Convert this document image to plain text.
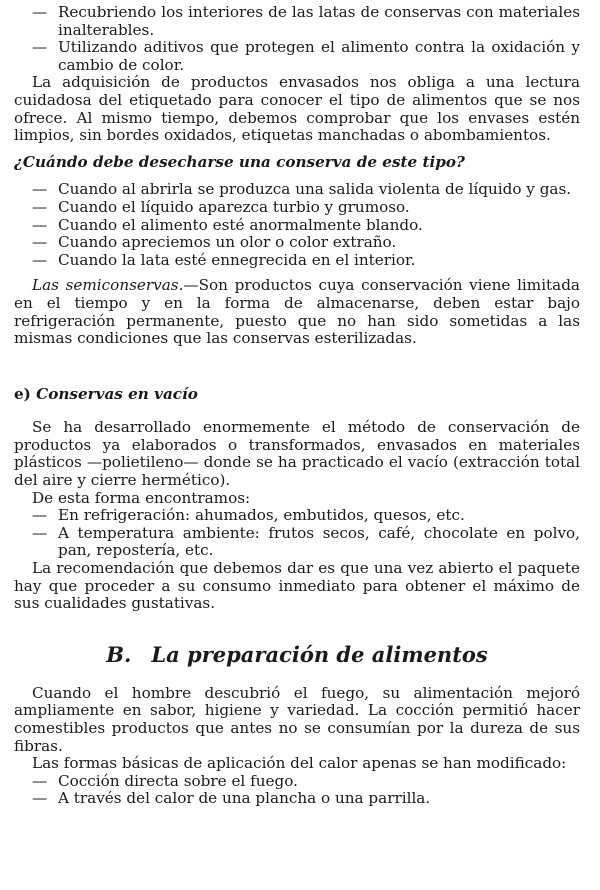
— Recubriendo los interiores de las latas de conservas con materiales inalterables.

— Utilizando aditivos que protegen el alimento contra la oxidación y cambio de color.

La adquisición de productos envasados nos obliga a una lectura cuidadosa del etiquetado para conocer el tipo de alimentos que se nos ofrece. Al mismo tiempo, debemos comprobar que los envases estén limpios, sin bordes oxidados, etiquetas manchadas o abombamientos.

¿Cuándo debe desecharse una conserva de este tipo?

— Cuando al abrirla se produzca una salida violenta de líquido y gas.

— Cuando el líquido aparezca turbio y grumoso.

— Cuando el alimento esté anormalmente blando.

— Cuando apreciemos un olor o color extraño.

— Cuando la lata esté ennegrecida en el interior.

Las semiconservas.—Son productos cuya conservación viene limitada en el tiempo y en la forma de almacenarse, deben estar bajo refrigeración permanente, puesto que no han sido sometidas a las mismas condiciones que las conservas esterilizadas.

e) Conservas en vacío

Se ha desarrollado enormemente el método de conservación de productos ya elaborados o transformados, envasados en materiales plásticos —polietileno— donde se ha practicado el vacío (extracción total del aire y cierre hermético).

De esta forma encontramos:

— En refrigeración: ahumados, embutidos, quesos, etc.

— A temperatura ambiente: frutos secos, café, chocolate en polvo, pan, repostería, etc.

La recomendación que debemos dar es que una vez abierto el paquete hay que proceder a su consumo inmediato para obtener el máximo de sus cualidades gustativas.

B. La preparación de alimentos

Cuando el hombre descubrió el fuego, su alimentación mejoró ampliamente en sabor, higiene y variedad. La cocción permitió hacer comestibles productos que antes no se consumían por la dureza de sus fibras.

Las formas básicas de aplicación del calor apenas se han modificado:

— Cocción directa sobre el fuego.

— A través del calor de una plancha o una parrilla.
